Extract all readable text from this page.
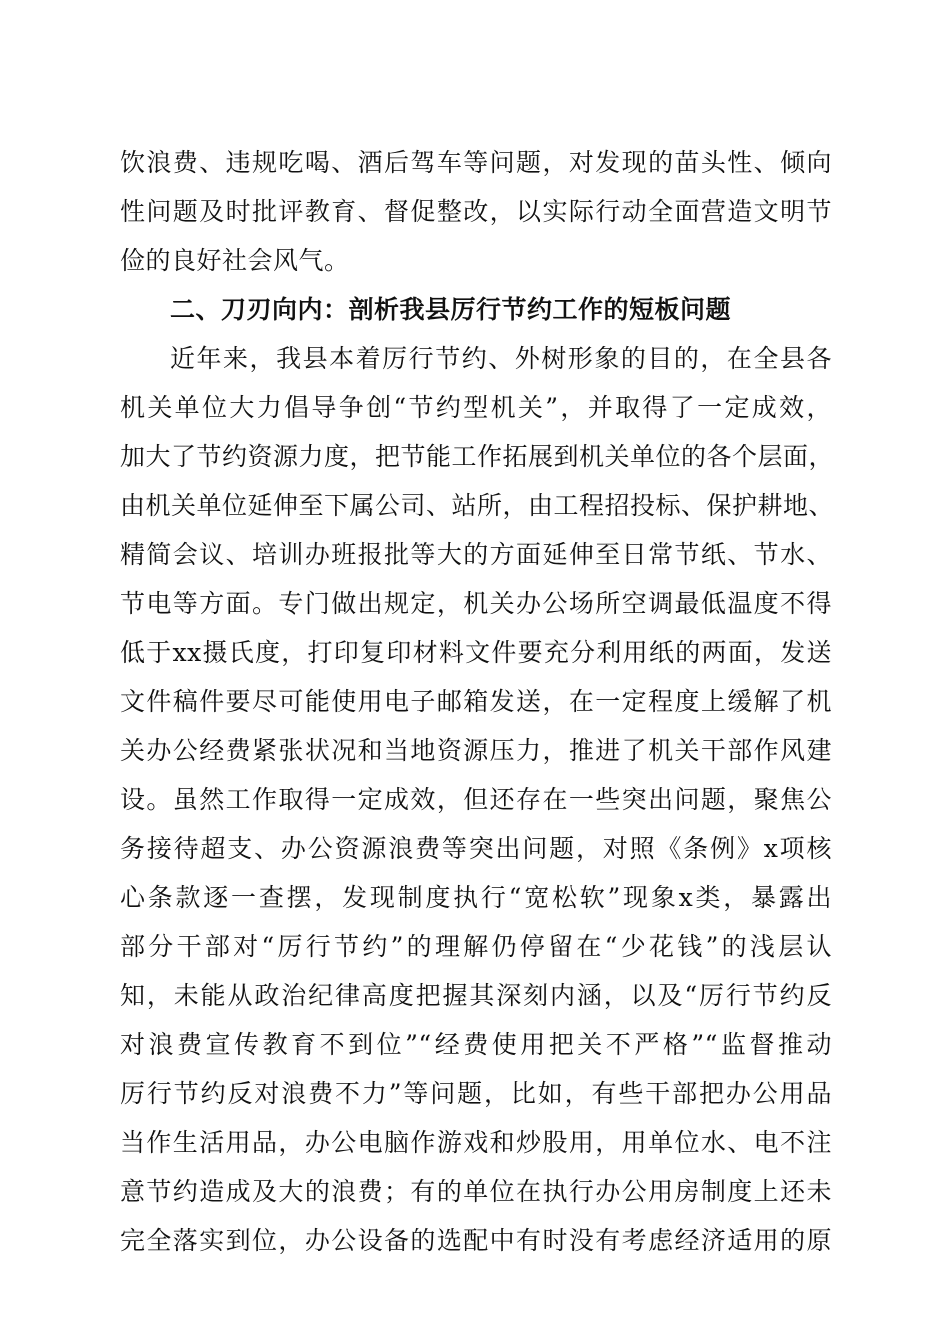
饮浪费、违规吃喝、酒后驾车等问题，对发现的苗头性、倾向
性问题及时批评教育、督促整改，以实际行动全面营造文明节
俭的良好社会风气。
二、刀刃向内：剖析我县厉行节约工作的短板问题
近年来，我县本着厉行节约、外树形象的目的，在全县各
机关单位大力倡导争创“节约型机关”，并取得了一定成效，
加大了节约资源力度，把节能工作拓展到机关单位的各个层面，
由机关单位延伸至下属公司、站所，由工程招投标、保护耕地、
精简会议、培训办班报批等大的方面延伸至日常节纸、节水、
节电等方面。专门做出规定，机关办公场所空调最低温度不得
低于xx摄氏度，打印复印材料文件要充分利用纸的两面，发送
文件稿件要尽可能使用电子邮箱发送，在一定程度上缓解了机
关办公经费紧张状况和当地资源压力，推进了机关干部作风建
设。虽然工作取得一定成效，但还存在一些突出问题，聚焦公
务接待超支、办公资源浪费等突出问题，对照《条例》x项核
心条款逐一查摆，发现制度执行“宽松软”现象x类，暴露出
部分干部对“厉行节约”的理解仍停留在“少花钱”的浅层认
知，未能从政治纪律高度把握其深刻内涵，以及“厉行节约反
对浪费宣传教育不到位”“经费使用把关不严格”“监督推动
厉行节约反对浪费不力”等问题，比如，有些干部把办公用品
当作生活用品，办公电脑作游戏和炒股用，用单位水、电不注
意节约造成及大的浪费；有的单位在执行办公用房制度上还未
完全落实到位，办公设备的选配中有时没有考虑经济适用的原
